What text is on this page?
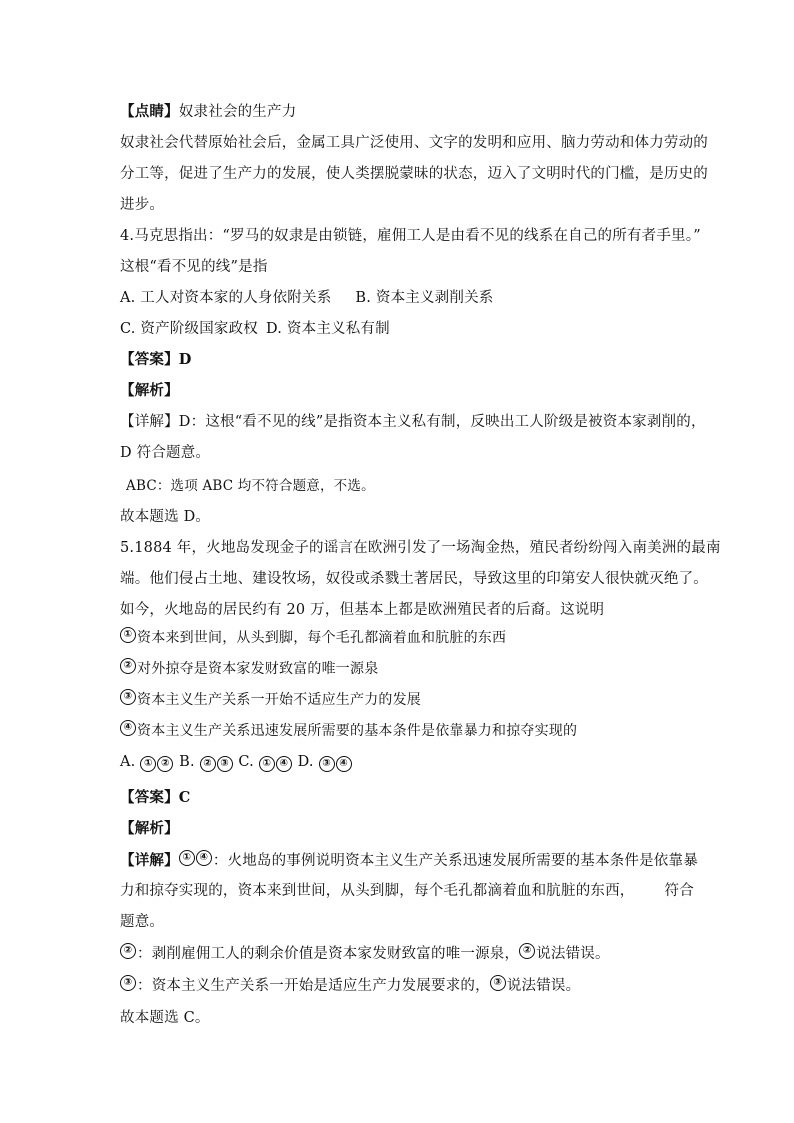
【点睛】奴隶社会的生产力
奴隶社会代替原始社会后，金属工具广泛使用、文字的发明和应用、脑力劳动和体力劳动的
分工等，促进了生产力的发展，使人类摆脱蒙昧的状态，迈入了文明时代的门槛，是历史的
进步。
4.马克思指出：“罗马的奴隶是由锁链，雇佣工人是由看不见的线系在自己的所有者手里。”
这根“看不见的线”是指
A. 工人对资本家的人身依附关系 B. 资本主义剥削关系
C. 资产阶级国家政权 D. 资本主义私有制
【答案】D
【解析】
【详解】D：这根“看不见的线”是指资本主义私有制，反映出工人阶级是被资本家剥削的，
D 符合题意。
ABC：选项 ABC 均不符合题意，不选。
故本题选 D。
5.1884 年，火地岛发现金子的谣言在欧洲引发了一场淘金热，殖民者纷纷闯入南美洲的最南
端。他们侵占土地、建设牧场，奴役或杀戮土著居民，导致这里的印第安人很快就灭绝了。
如今，火地岛的居民约有 20 万，但基本上都是欧洲殖民者的后裔。这说明
① 资本来到世间，从头到脚，每个毛孔都滴着血和肮脏的东西
② 对外掠夺是资本家发财致富的唯一源泉
③ 资本主义生产关系一开始不适应生产力的发展
④ 资本主义生产关系迅速发展所需要的基本条件是依靠暴力和掠夺实现的
A. ① ② B. ② ③ C. ① ④ D. ③ ④
【答案】C
【解析】
【详解】 ① ④ ：火地岛的事例说明资本主义生产关系迅速发展所需要的基本条件是依靠暴
力和掠夺实现的，资本来到世间，从头到脚，每个毛孔都滴着血和肮脏的东西， 符合
题意。
② ：剥削雇佣工人的剩余价值是资本家发财致富的唯一源泉， ② 说法错误。
③ ：资本主义生产关系一开始是适应生产力发展要求的， ③ 说法错误。
故本题选 C。
